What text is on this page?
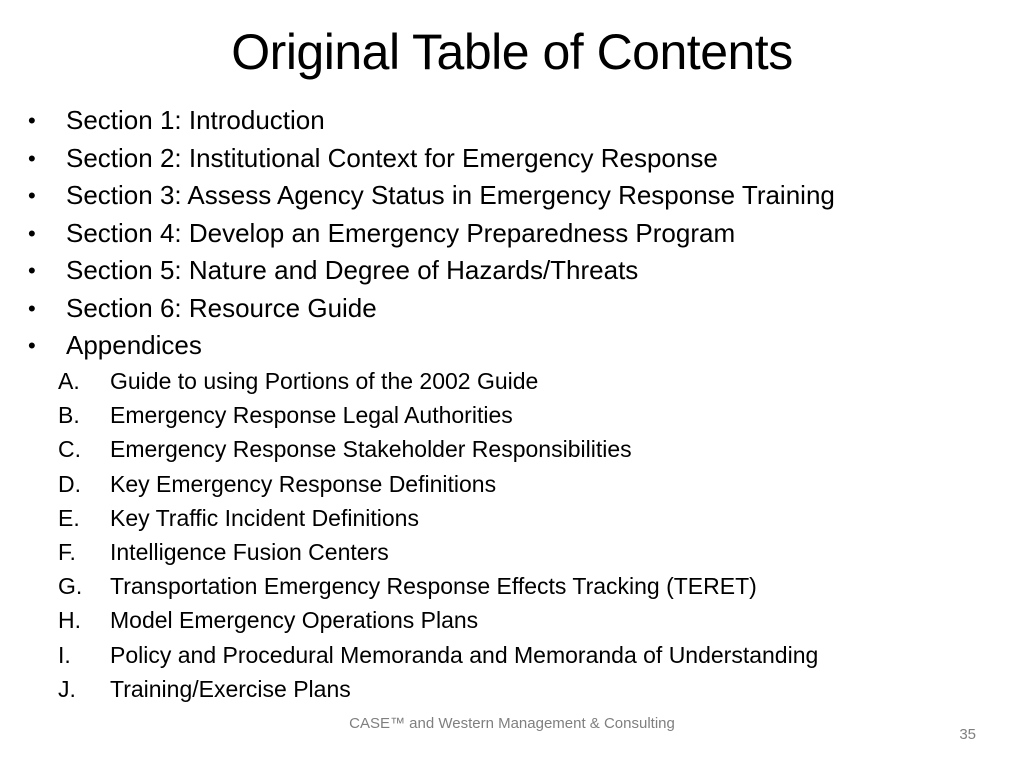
Original Table of Contents
•	Section 1: Introduction
•	Section 2: Institutional Context for Emergency Response
•	Section 3: Assess Agency Status in Emergency Response Training
•	Section 4: Develop an Emergency Preparedness Program
•	Section 5: Nature and Degree of Hazards/Threats
•	Section 6: Resource Guide
•	Appendices
A. Guide to using Portions of the 2002 Guide
B. Emergency Response Legal Authorities
C. Emergency Response Stakeholder Responsibilities
D. Key Emergency Response Definitions
E. Key Traffic Incident Definitions
F. Intelligence Fusion Centers
G. Transportation Emergency Response Effects Tracking (TERET)
H. Model Emergency Operations Plans
I. Policy and Procedural Memoranda and Memoranda of Understanding
J. Training/Exercise Plans
CASE™ and Western Management & Consulting
35
